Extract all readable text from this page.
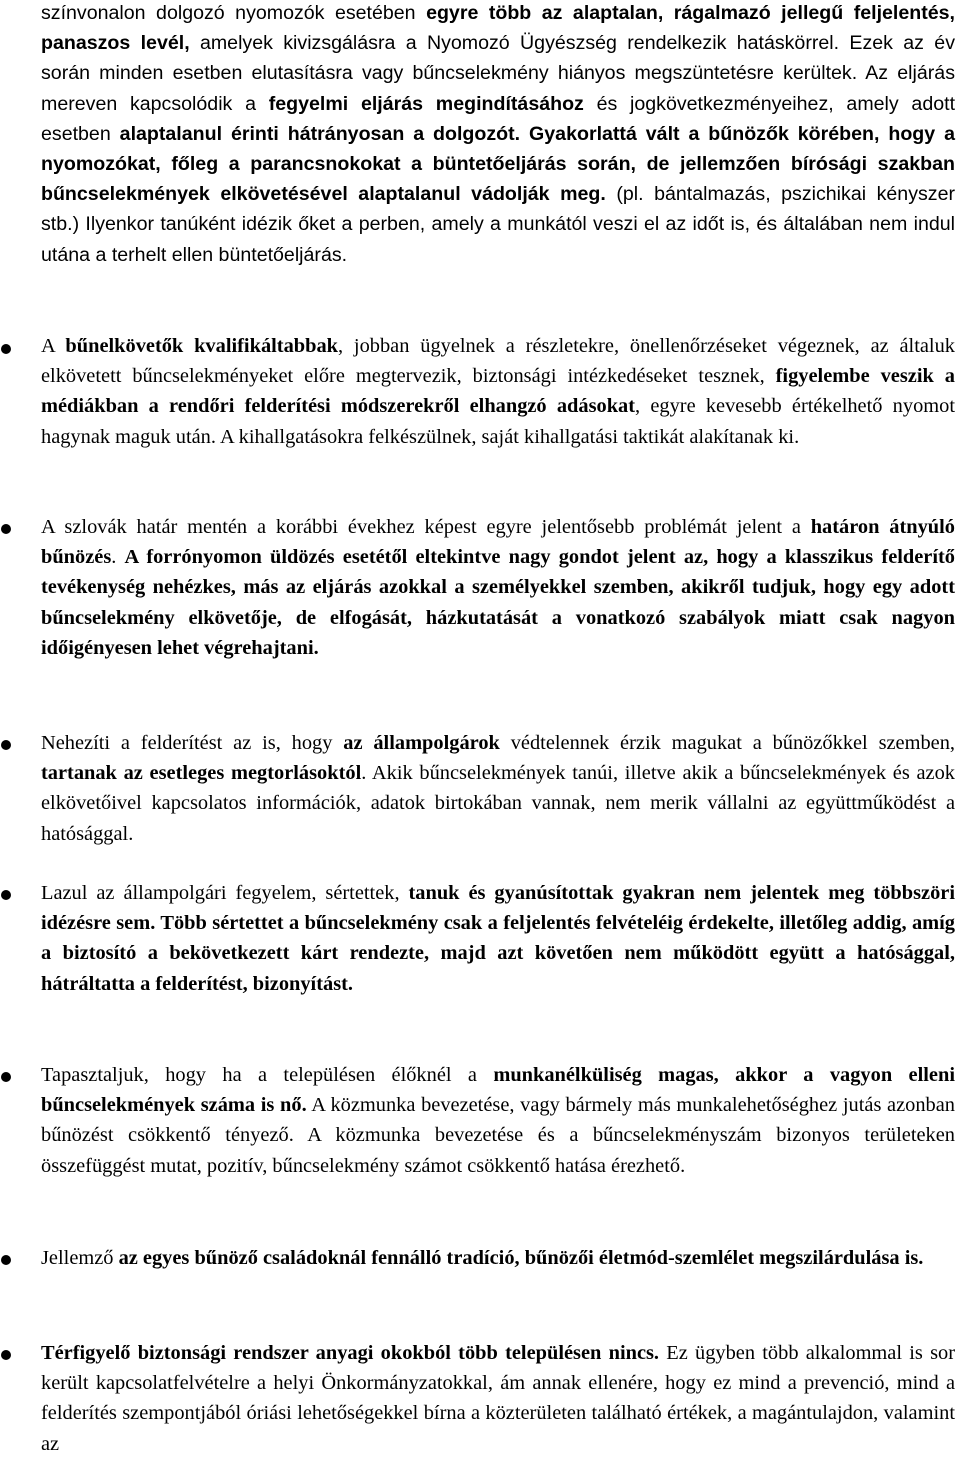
színvonalon dolgozó nyomozók esetében egyre több az alaptalan, rágalmazó jellegű feljelentés, panaszos levél, amelyek kivizsgálásra a Nyomozó Ügyészség rendelkezik hatáskörrel. Ezek az év során minden esetben elutasításra vagy bűncselekmény hiányos megszüntetésre kerültek. Az eljárás mereven kapcsolódik a fegyelmi eljárás megindításához és jogkövetkezményeihez, amely adott esetben alaptalanul érinti hátrányosan a dolgozót. Gyakorlattá vált a bűnözők körében, hogy a nyomozókat, főleg a parancsnokokat a büntetőeljárás során, de jellemzően bírósági szakban bűncselekmények elkövetésével alaptalanul vádolják meg. (pl. bántalmazás, pszichikai kényszer stb.) Ilyenkor tanúként idézik őket a perben, amely a munkától veszi el az időt is, és általában nem indul utána a terhelt ellen büntetőeljárás.

A bűnelkövetők kvalifikáltabbak, jobban ügyelnek a részletekre, önellenőrzéseket végeznek, az általuk elkövetett bűncselekményeket előre megtervezik, biztonsági intézkedéseket tesznek, figyelembe veszik a médiákban a rendőri felderítési módszerekről elhangzó adásokat, egyre kevesebb értékelhető nyomot hagynak maguk után. A kihallgatásokra felkészülnek, saját kihallgatási taktikát alakítanak ki.

A szlovák határ mentén a korábbi évekhez képest egyre jelentősebb problémát jelent a határon átnyúló bűnözés. A forrónyomon üldözés esetétől eltekintve nagy gondot jelent az, hogy a klasszikus felderítő tevékenység nehézkes, más az eljárás azokkal a személyekkel szemben, akikről tudjuk, hogy egy adott bűncselekmény elkövetője, de elfogását, házkutatását a vonatkozó szabályok miatt csak nagyon időigényesen lehet végrehajtani.

Nehezíti a felderítést az is, hogy az állampolgárok védtelennek érzik magukat a bűnözőkkel szemben, tartanak az esetleges megtorlásoktól. Akik bűncselekmények tanúi, illetve akik a bűncselekmények és azok elkövetőivel kapcsolatos információk, adatok birtokában vannak, nem merik vállalni az együttműködést a hatósággal.

Lazul az állampolgári fegyelem, sértettek, tanuk és gyanúsítottak gyakran nem jelentek meg többszöri idézésre sem. Több sértettet a bűncselekmény csak a feljelentés felvételéig érdekelte, illetőleg addig, amíg a biztosító a bekövetkezett kárt rendezte, majd azt követően nem működött együtt a hatósággal, hátráltatta a felderítést, bizonyítást.

Tapasztaljuk, hogy ha a településen élőknél a munkanélküliség magas, akkor a vagyon elleni bűncselekmények száma is nő. A közmunka bevezetése, vagy bármely más munkalehetőséghez jutás azonban bűnözést csökkentő tényező. A közmunka bevezetése és a bűncselekményszám bizonyos területeken összefüggést mutat, pozitív, bűncselekmény számot csökkentő hatása érezhető.

Jellemző az egyes bűnöző családoknál fennálló tradíció, bűnözői életmód-szemlélet megszilárdulása is.

Térfigyelő biztonsági rendszer anyagi okokból több településen nincs. Ez ügyben több alkalommal is sor került kapcsolatfelvételre a helyi Önkormányzatokkal, ám annak ellenére, hogy ez mind a prevenció, mind a felderítés szempontjából óriási lehetőségekkel bírna a közterületen található értékek, a magántulajdon, valamint az
